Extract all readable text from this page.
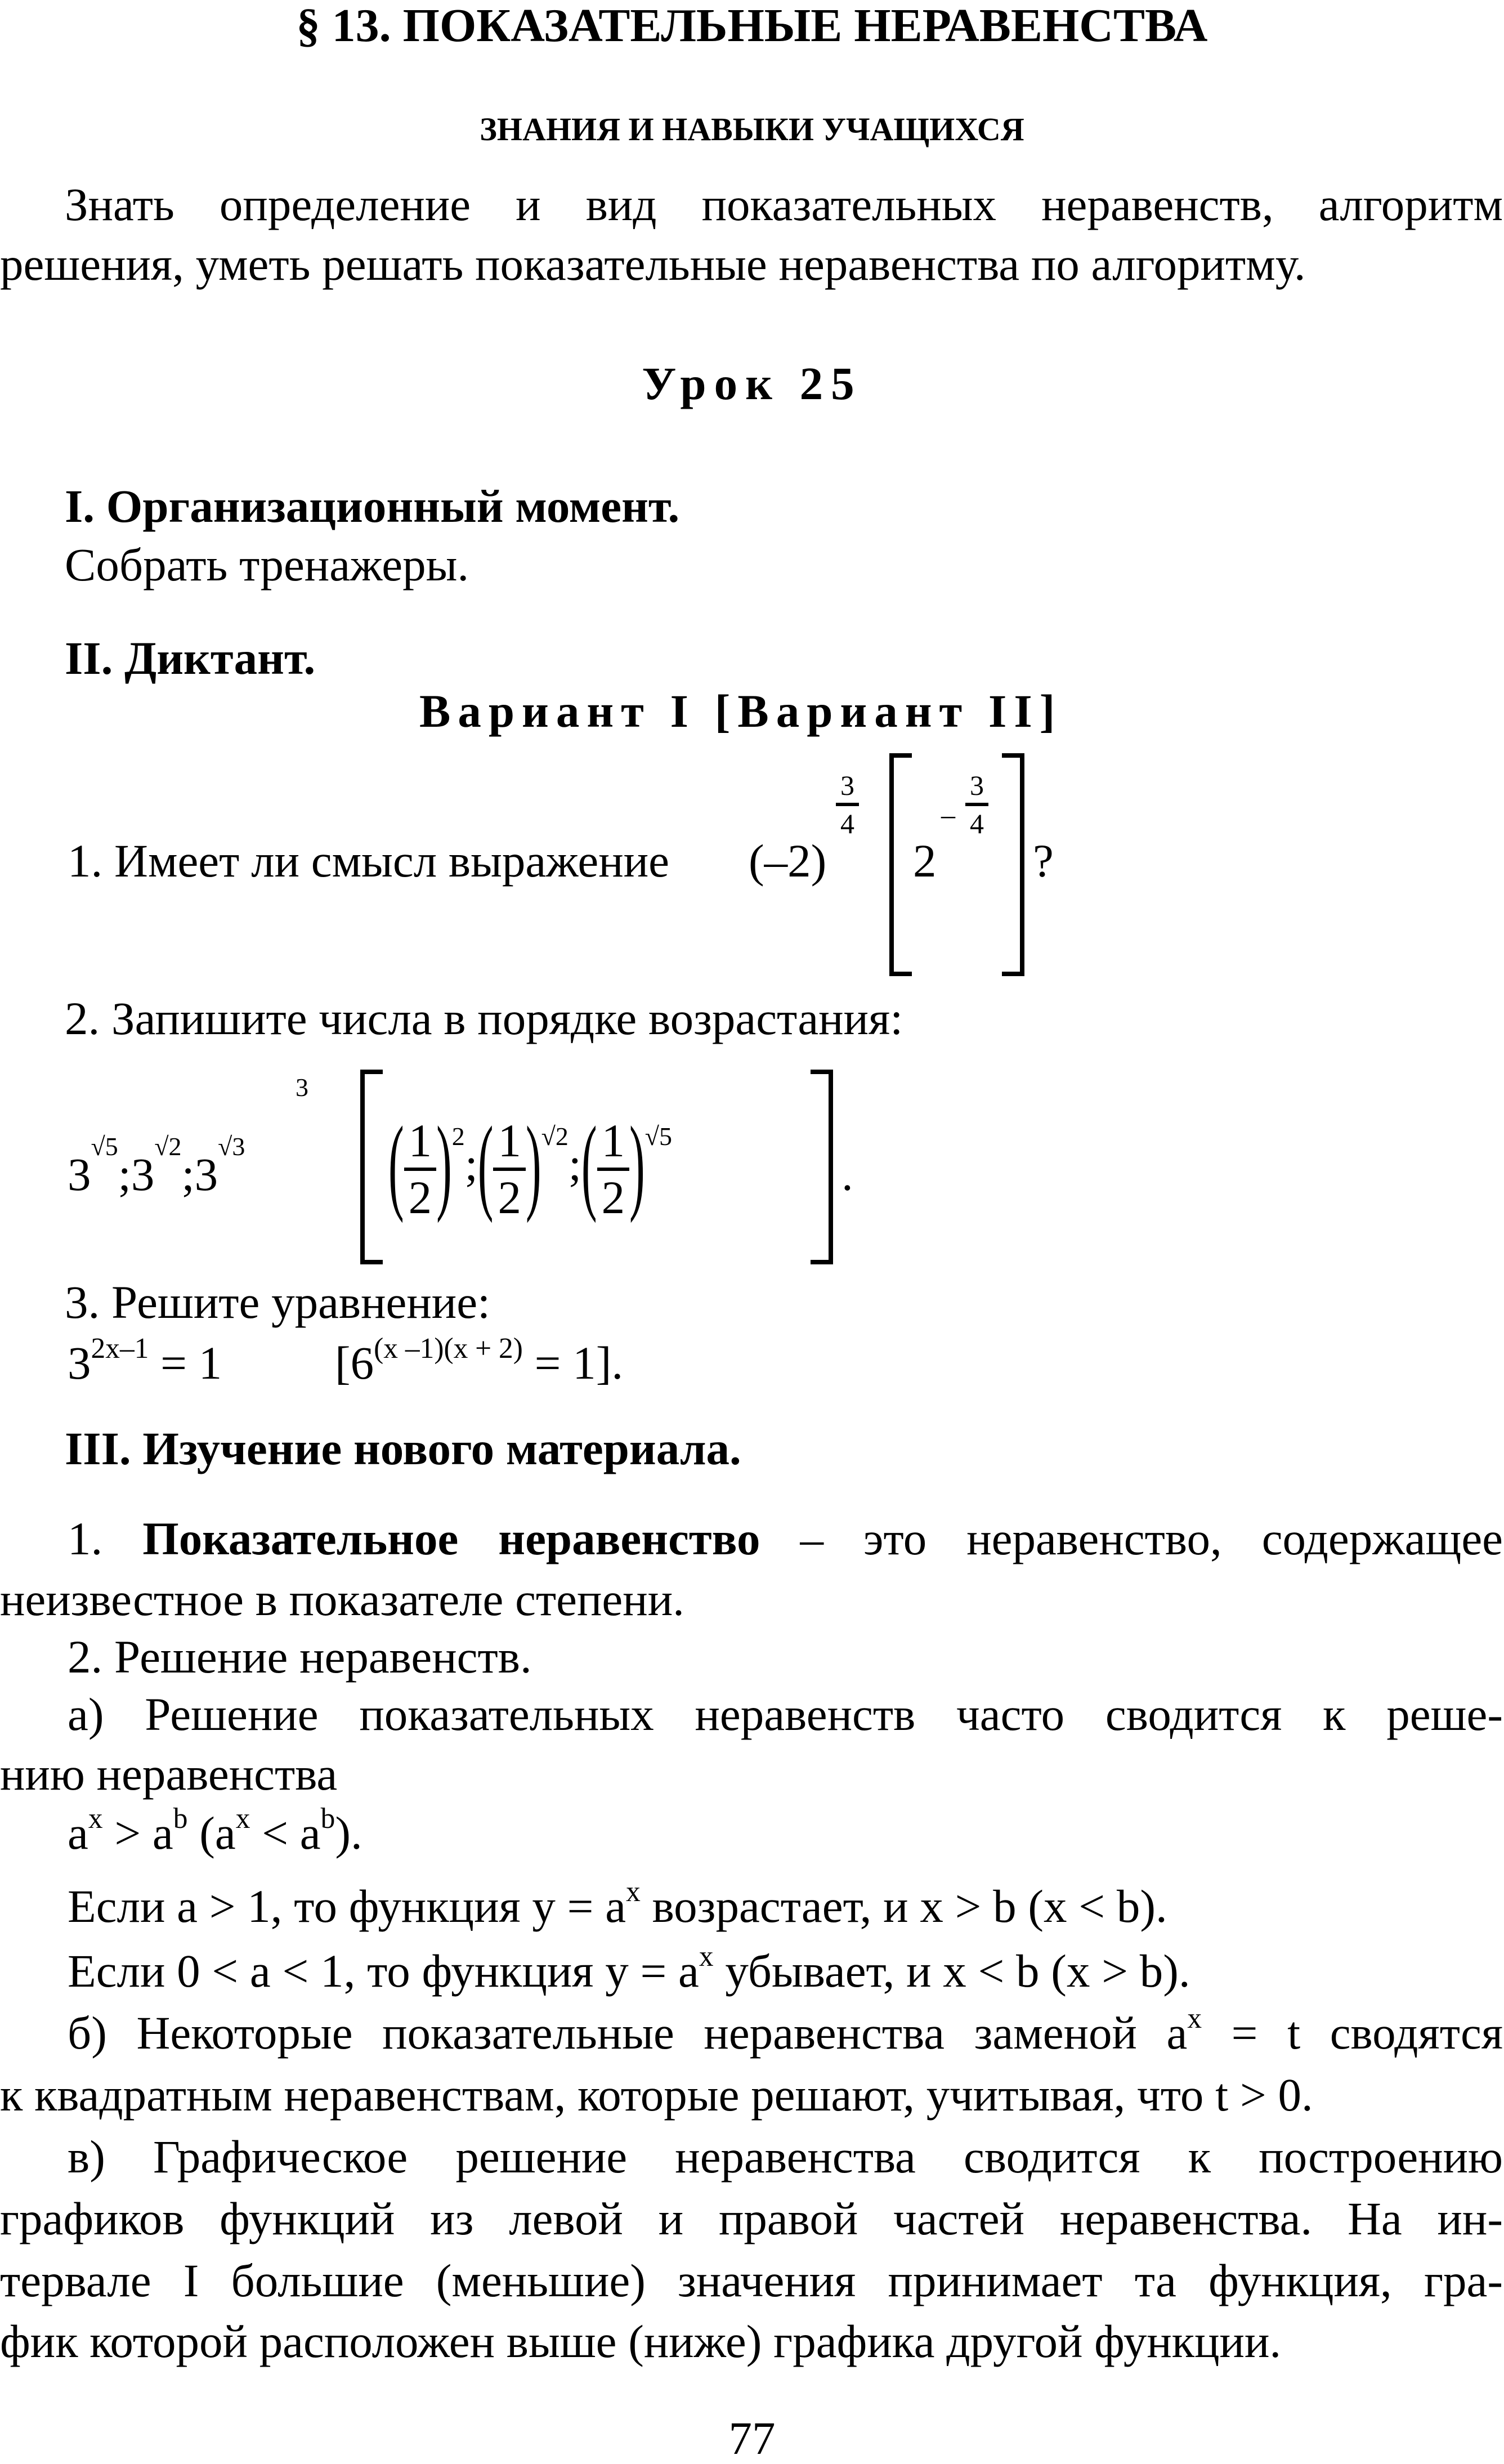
§ 13. ПОКАЗАТЕЛЬНЫЕ НЕРАВЕНСТВА
ЗНАНИЯ И НАВЫКИ УЧАЩИХСЯ
Знать определение и вид показательных неравенств, алгоритм
решения, уметь решать показательные неравенства по алгоритму.
Урок 25
I. Организационный момент.
Собрать тренажеры.
II. Диктант.
Вариант I [Вариант II]
1. Имеет ли смысл выражение (–2)
$\frac{3}{4}$
2
– $\frac{3}{4}$
?
2. Запишите числа в порядке возрастания:
$3^{√5};3^{√2};3^{√3}$
3
( $\frac{1}{2}$ )$^2$;( $\frac{1}{2}$ )$^{√2}$;( $\frac{1}{2} )^{√5}$
.
3. Решите уравнение:
$3^{2x-1} = 1$ $[6^{(x -1)(x + 2)} = 1]$.
III. Изучение нового материала.
1. Показательное неравенство – это неравенство, содержащее
неизвестное в показателе степени.
2. Решение неравенств.
а) Решение показательных неравенств часто сводится к реше-
нию неравенства
$a^x > a^b$ $(a^x < a^b)$.
Если a > 1, то функция $y = a^x$ возрастает, и x > b (x < b).
Если 0 < a < 1, то функция $y = a^x$ убывает, и x < b (x > b).
б) Некоторые показательные неравенства заменой $a^x = t$ сводятся
к квадратным неравенствам, которые решают, учитывая, что t > 0.
в) Графическое решение неравенства сводится к построению
графиков функций из левой и правой частей неравенства. На ин-
тервале I большие (меньшие) значения принимает та функция, гра-
фик которой расположен выше (ниже) графика другой функции.
77
